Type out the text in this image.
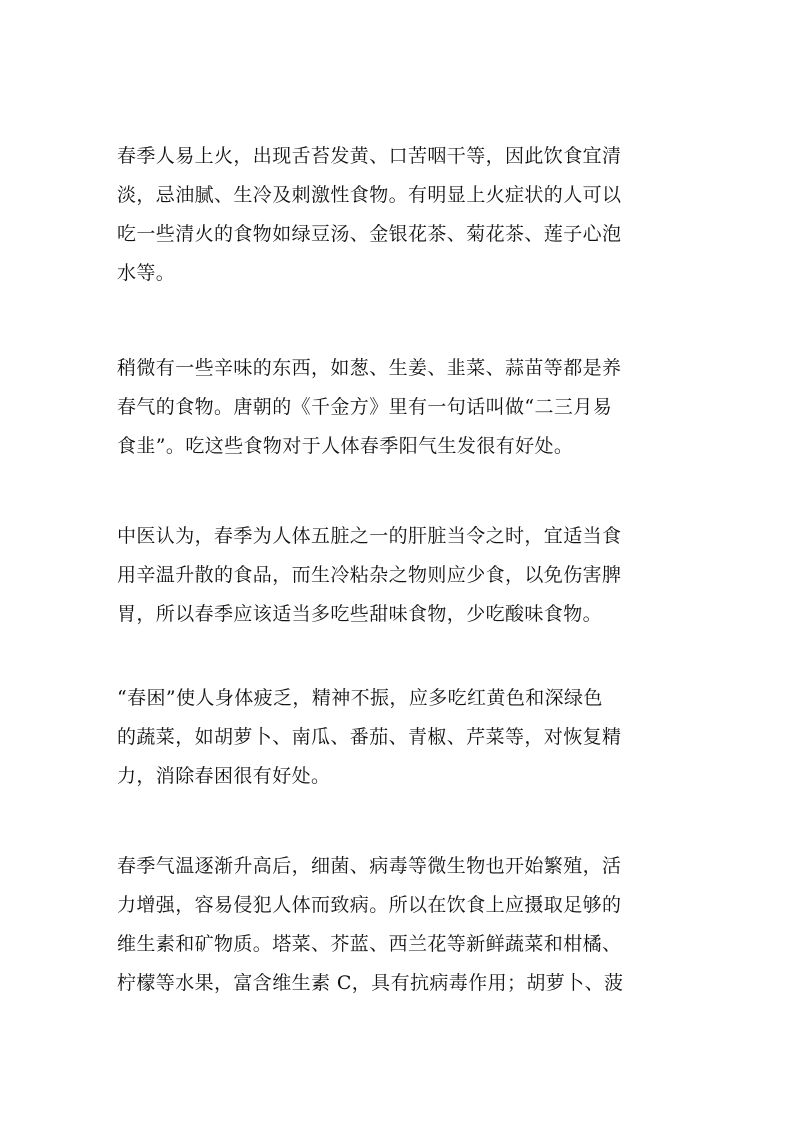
春季人易上火，出现舌苔发黄、口苦咽干等，因此饮食宜清
淡，忌油腻、生冷及刺激性食物。有明显上火症状的人可以
吃一些清火的食物如绿豆汤、金银花茶、菊花茶、莲子心泡
水等。

稍微有一些辛味的东西，如葱、生姜、韭菜、蒜苗等都是养
春气的食物。唐朝的《千金方》里有一句话叫做“二三月易
食韭”。吃这些食物对于人体春季阳气生发很有好处。

中医认为，春季为人体五脏之一的肝脏当令之时，宜适当食
用辛温升散的食品，而生冷粘杂之物则应少食，以免伤害脾
胃，所以春季应该适当多吃些甜味食物，少吃酸味食物。

“春困”使人身体疲乏，精神不振，应多吃红黄色和深绿色
的蔬菜，如胡萝卜、南瓜、番茄、青椒、芹菜等，对恢复精
力，消除春困很有好处。

春季气温逐渐升高后，细菌、病毒等微生物也开始繁殖，活
力增强，容易侵犯人体而致病。所以在饮食上应摄取足够的
维生素和矿物质。塔菜、芥蓝、西兰花等新鲜蔬菜和柑橘、
柠檬等水果，富含维生素 C，具有抗病毒作用；胡萝卜、菠
